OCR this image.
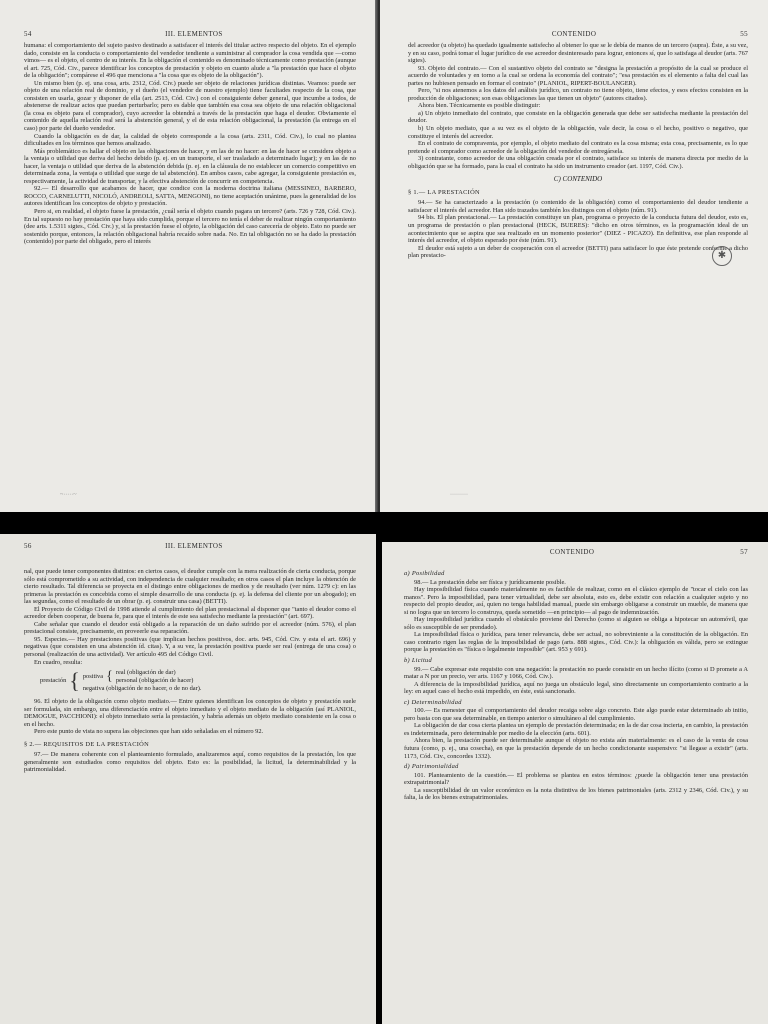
54	III. ELEMENTOS

humana: el comportamiento del sujeto pasivo destinado a satisfacer el interés del titular activo respecto del objeto. En el ejemplo dado, consiste en la conducta o comportamiento del vendedor tendiente a suministrar al comprador la cosa vendida que —como vimos— es el objeto, el centro de su interés. En la obligación el contenido es denominado técnicamente como prestación (aunque el art. 725, Cód. Civ., parece identificar los conceptos de prestación y objeto en cuanto alude a "la prestación que hace el objeto de la obligación"; compárese el 496 que menciona a "la cosa que es objeto de la obligación").

Un mismo bien (p. ej. una cosa, arts. 2312, Cód. Civ.) puede ser objeto de relaciones jurídicas distintas. Veamos: puede ser objeto de una relación real de dominio, y el dueño (el vendedor de nuestro ejemplo) tiene facultades respecto de la cosa, que consisten en usarla, gozar y disponer de ella (art. 2513, Cód. Civ.) con el consiguiente deber general, que incumbe a todos, de abstenerse de realizar actos que puedan perturbarlo; pero es dable que también esa cosa sea objeto de una relación obligacional (la cosa es objeto para el comprador), cuyo acreedor la obtendrá a través de la prestación que haga el deudor. Obviamente el contenido de aquella relación real será la abstención general, y el de esta relación obligacional, la prestación (la entrega en el caso) por parte del dueño vendedor.

Cuando la obligación es de dar, la calidad de objeto corresponde a la cosa (arts. 2311, Cód. Civ.), lo cual no plantea dificultades en los términos que hemos analizado.

Más problemático es hallar el objeto en las obligaciones de hacer, y en las de no hacer: en las de hacer se considera objeto a la ventaja o utilidad que deriva del hecho debido (p. ej. en un transporte, el ser trasladado a determinado lugar); y en las de no hacer, la ventaja o utilidad que deriva de la abstención debida (p. ej. en la cláusula de no establecer un comercio competitivo en determinada zona, la ventaja o utilidad que surge de tal abstención). En ambos casos, cabe agregar, la consiguiente prestación es, respectivamente, la actividad de transportar, y la efectiva abstención de concurrir en competencia.

92.— El desarrollo que acabamos de hacer, que condice con la moderna doctrina italiana (MESSINEO, BARBERO, ROCCO, CARNELUTTI, NICOLÓ, ANDREOLI, SATTA, MENGONI), no tiene aceptación unánime, pues la generalidad de los autores identifican los conceptos de objeto y prestación.

Pero si, en realidad, el objeto fuese la prestación, ¿cuál sería el objeto cuando pagara un tercero? (arts. 726 y 728, Cód. Civ.). En tal supuesto no hay prestación que haya sido cumplida, porque el tercero no tenía el deber de realizar ningún comportamiento (dee arts. 1.5311 sigtes., Cód. Civ.) y, si la prestación fuese el objeto, la obligación del caso carecería de objeto. Esto no puede ser sostenido porque, entonces, la relación obligacional habría recaído sobre nada. No. En tal obligación no se ha dado la prestación (contenido) por parte del obligado, pero el interés

~·····~
CONTENIDO	55

del acreedor (u objeto) ha quedado igualmente satisfecho al obtener lo que se le debía de manos de un tercero (supra). Éste, a su vez, y en su caso, podrá tomar el lugar jurídico de ese acreedor desinteresado para lograr, entonces sí, que lo satisfaga al deudor (arts. 767 sigtes).

93. Objeto del contrato.— Con el sustantivo objeto del contrato se "designa la prestación a propósito de la cual se produce el acuerdo de voluntades y en torno a la cual se ordena la economía del contrato"; "esa prestación es el elemento a falta del cual las partes no hubiesen pensado en formar el contrato" (PLANIOL, RIPERT-BOULANGER).

Pero, "si nos atenemos a los datos del análisis jurídico, un contrato no tiene objeto, tiene efectos, y esos efectos consisten en la producción de obligaciones; son esas obligaciones las que tienen un objeto" (autores citados).

Ahora bien. Técnicamente es posible distinguir:

a) Un objeto inmediato del contrato, que consiste en la obligación generada que debe ser satisfecha mediante la prestación del deudor.

b) Un objeto mediato, que a su vez es el objeto de la obligación, vale decir, la cosa o el hecho, positivo o negativo, que constituye el interés del acreedor.

En el contrato de compraventa, por ejemplo, el objeto mediato del contrato es la cosa misma; esta cosa, precisamente, es lo que pretende el comprador como acreedor de la obligación del vendedor de entregársela.

3) contratante, como acreedor de una obligación creada por el contrato, satisface su interés de manera directa por medio de la obligación que se ha formado, para la cual el contrato ha sido un instrumento creador (art. 1197, Cód. Civ.).

C) CONTENIDO
§ 1.— LA PRESTACIÓN

94.— Se ha caracterizado a la prestación (o contenido de la obligación) como el comportamiento del deudor tendiente a satisfacer el interés del acreedor. Han sido trazados también los distingos con el objeto (núm. 91).

94 bis. El plan prestacional.— La prestación constituye un plan, programa o proyecto de la conducta futura del deudor, esto es, un programa de prestación o plan prestacional (HECK, BUERES): "dicho en otros términos, es la programación ideal de un acontecimiento que se aspira que sea realizado en un momento posterior" (DIEZ - PICAZO). En definitiva, ese plan responde al interés del acreedor, el objeto esperado por éste (núm. 91).

El deudor está sujeto a un deber de cooperación con el acreedor (BETTI) para satisfacer lo que éste pretende conforme a dicho plan prestacio-	✱
·········
56	III. ELEMENTOS

nal, que puede tener componentes distintos: en ciertos casos, el deudor cumple con la mera realización de cierta conducta, porque sólo está comprometido a su actividad, con independencia de cualquier resultado; en otros casos el plan incluye la obtención de cierto resultado. Tal diferencia se proyecta en el distingo entre obligaciones de medios y de resultado (ver núm. 1279 c): en las primeras la prestación es concebida como el simple desarrollo de una conducta (p. ej. la defensa del cliente por un abogado); en las segundas, como el resultado de un obrar (p. ej. construir una casa) (BETTI).

El Proyecto de Código Civil de 1998 atiende al cumplimiento del plan prestacional al disponer que "tanto el deudor como el acreedor deben cooperar, de buena fe, para que el interés de este sea satisfecho mediante la prestación" (art. 697).

Cabe señalar que cuando el deudor está obligado a la reparación de un daño sufrido por el acreedor (núm. 576), el plan prestacional consiste, precisamente, en proveerle esa reparación.

95. Especies.— Hay prestaciones positivas (que implican hechos positivos, doc. arts. 945, Cód. Civ. y esta el art. 696) y negativas (que consisten en una abstención íd. citas). Y, a su vez, la prestación positiva puede ser real (entrega de una cosa) o personal (realización de una actividad). Ver artículo 495 del Código Civil.

En cuadro, resulta:

prestación { positiva { real (obligación de dar)
personal (obligación de hacer)
negativa (obligación de no hacer, o de no dar).

96. El objeto de la obligación como objeto mediato.— Entre quienes identifican los conceptos de objeto y prestación suele ser formulada, sin embargo, una diferenciación entre el objeto inmediato y el objeto mediato de la obligación (así PLANIOL, DEMOGUE, PACCHIONI): el objeto inmediato sería la prestación, y habría además un objeto mediato consistente en la cosa o en el hecho.

Pero este punto de vista no supera las objeciones que han sido señaladas en el número 92.

§ 2.— REQUISITOS DE LA PRESTACIÓN

97.— De manera coherente con el planteamiento formulado, analizaremos aquí, como requisitos de la prestación, los que generalmente son estudiados como requisitos del objeto. Esto es: la posibilidad, la licitud, la determinabilidad y la patrimonialidad.

CONTENIDO	57
a) Posibilidad

98.— La prestación debe ser física y jurídicamente posible.

Hay imposibilidad física cuando materialmente no es factible de realizar, como en el clásico ejemplo de "tocar el cielo con las manos". Pero la imposibilidad, para tener virtualidad, debe ser absoluta, esto es, debe existir con relación a cualquier sujeto y no respecto del propio deudor, así, quien no tenga habilidad manual, puede sin embargo obligarse a construir un mueble, de manera que si no logra que un tercero lo construya, queda sometido —en principio— al pago de indemnización.

Hay imposibilidad jurídica cuando el obstáculo proviene del Derecho (como si alguien se obliga a hipotecar un automóvil, que sólo es susceptible de ser prendado).

La imposibilidad física o jurídica, para tener relevancia, debe ser actual, no sobreviniente a la constitución de la obligación. En caso contrario rigen las reglas de la imposibilidad de pago (arts. 888 sigtes., Cód. Civ.): la obligación es válida, pero se extingue porque la prestación es "física o legalmente imposible" (art. 953 y 691).

b) Licitud

99.— Cabe expresar este requisito con una negación: la prestación no puede consistir en un hecho ilícito (como si D promete a A matar a N por un precio, ver arts. 1167 y 1066, Cód. Civ.).

A diferencia de la imposibilidad jurídica, aquí no juega un obstáculo legal, sino directamente un comportamiento contrario a la ley: en aquel caso el hecho está impedido, en éste, está sancionado.

c) Determinabilidad

100.— Es menester que el comportamiento del deudor recaiga sobre algo concreto. Este algo puede estar determinado ab initio, pero basta con que sea determinable, en tiempo anterior o simultáneo al del cumplimiento.

La obligación de dar cosa cierta plantea un ejemplo de prestación determinada; en la de dar cosa incierta, en cambio, la prestación es indeterminada, pero determinable por medio de la elección (arts. 601).

Ahora bien, la prestación puede ser determinable aunque el objeto no exista aún materialmente: es el caso de la venta de cosa futura (como, p. ej., una cosecha), en que la prestación depende de un hecho condicionante suspensivo: "si llegase a existir" (arts. 1173, Cód. Civ., concordes 1332).

d) Patrimonialidad

101. Planteamiento de la cuestión.— El problema se plantea en estos términos: ¿puede la obligación tener una prestación extrapatrimonial?

La susceptibilidad de un valor económico es la nota distintiva de los bienes patrimoniales (arts. 2312 y 2346, Cód. Civ.), y su falta, la de los bienes extrapatrimoniales.
